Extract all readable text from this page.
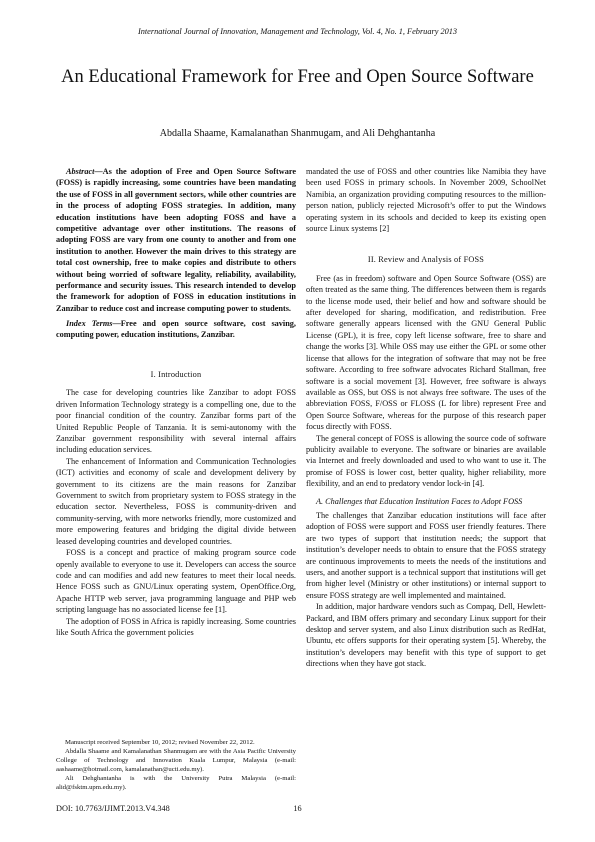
International Journal of Innovation, Management and Technology, Vol. 4, No. 1, February 2013
An Educational Framework for Free and Open Source Software
Abdalla Shaame, Kamalanathan Shanmugam, and Ali Dehghantanha

Abstract—As the adoption of Free and Open Source Software (FOSS) is rapidly increasing, some countries have been mandating the use of FOSS in all government sectors, while other countries are in the process of adopting FOSS strategies. In addition, many education institutions have been adopting FOSS and have a competitive advantage over other institutions. The reasons of adopting FOSS are vary from one county to another and from one institution to another. However the main drives to this strategy are total cost ownership, free to make copies and distribute to others without being worried of software legality, reliability, availability, performance and security issues. This research intended to develop the framework for adoption of FOSS in education institutions in Zanzibar to reduce cost and increase computing power to students.

Index Terms—Free and open source software, cost saving, computing power, education institutions, Zanzibar.

I. Introduction

The case for developing countries like Zanzibar to adopt FOSS driven Information Technology strategy is a compelling one, due to the poor financial condition of the country. Zanzibar forms part of the United Republic People of Tanzania. It is semi-autonomy with the Zanzibar government responsibility with several internal affairs including education services.

The enhancement of Information and Communication Technologies (ICT) activities and economy of scale and development delivery by government to its citizens are the main reasons for Zanzibar Government to switch from proprietary system to FOSS strategy in the education sector. Nevertheless, FOSS is community-driven and community-serving, with more networks friendly, more customized and more empowering features and bridging the digital divide between leased developing countries and developed countries.

FOSS is a concept and practice of making program source code openly available to everyone to use it. Developers can access the source code and can modifies and add new features to meet their local needs. Hence FOSS such as GNU/Linux operating system, OpenOffice.Org, Apache HTTP web server, java programming language and PHP web scripting language has no associated license fee [1].

The adoption of FOSS in Africa is rapidly increasing. Some countries like South Africa the government policies

Manuscript received September 10, 2012; revised November 22, 2012.

Abdalla Shaame and Kamalanathan Shanmugam are with the Asia Pacific University College of Technology and Innovation Kuala Lumpur, Malaysia (e-mail: aashaame@hotmail.com, kamalanathan@ucti.edu.my).

Ali Dehghantanha is with the University Putra Malaysia (e-mail: alid@fsktm.upm.edu.my).

mandated the use of FOSS and other countries like Namibia they have been used FOSS in primary schools. In November 2009, SchoolNet Namibia, an organization providing computing resources to the million-person nation, publicly rejected Microsoft’s offer to put the Windows operating system in its schools and decided to keep its existing open source Linux systems [2]

II. Review and Analysis of FOSS

Free (as in freedom) software and Open Source Software (OSS) are often treated as the same thing. The differences between them is regards to the license mode used, their belief and how and software should be after developed for sharing, modification, and redistribution. Free software generally appears licensed with the GNU General Public License (GPL), it is free, copy left license software, free to share and change the works [3]. While OSS may use either the GPL or some other license that allows for the integration of software that may not be free software. According to free software advocates Richard Stallman, free software is a social movement [3]. However, free software is always available as OSS, but OSS is not always free software. The uses of the abbreviation FOSS, F/OSS or FLOSS (L for libre) represent Free and Open Source Software, whereas for the purpose of this research paper focus directly with FOSS.

The general concept of FOSS is allowing the source code of software publicity available to everyone. The software or binaries are available via Internet and freely downloaded and used to who want to use it. The promise of FOSS is lower cost, better quality, higher reliability, more flexibility, and an end to predatory vendor lock-in [4].

A. Challenges that Education Institution Faces to Adopt FOSS

The challenges that Zanzibar education institutions will face after adoption of FOSS were support and FOSS user friendly features. There are two types of support that institution needs; the support that institution’s developer needs to obtain to ensure that the FOSS strategy are continuous improvements to meets the needs of the institutions and users, and another support is a technical support that institutions will get from higher level (Ministry or other institutions) or internal support to ensure FOSS strategy are well implemented and maintained.

In addition, major hardware vendors such as Compaq, Dell, Hewlett-Packard, and IBM offers primary and secondary Linux support for their desktop and server system, and also Linux distribution such as RedHat, Ubuntu, etc offers supports for their operating system [5]. Whereby, the institution’s developers may benefit with this type of support to get directions when they have got stack.

DOI: 10.7763/IJIMT.2013.V4.348	16
